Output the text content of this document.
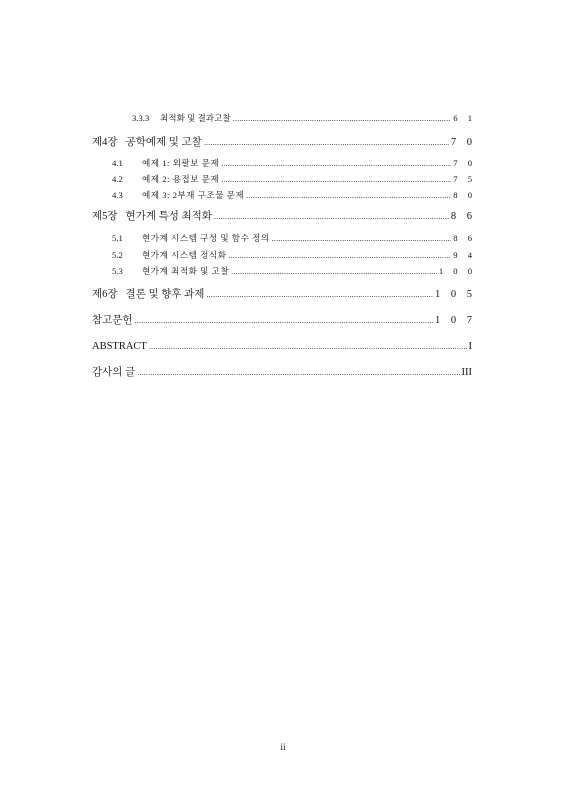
3.3.3	최적화 및 결과고찰 .....	6 1
제4장 공학예제 및 고찰 .....	7 0
4.1	예제 1: 외팔보 문제 .....	7 0
4.2	예제 2: 용접보 문제 .....	7 5
4.3	예제 3: 2부재 구조물 문제 .....	8 0
제5장 현가계 특성 최적화 .....	8 6
5.1	현가계 시스템 구성 및 함수 정의 .....	8 6
5.2	현가계 시스템 정식화 .....	9 4
5.3	현가계 최적화 및 고찰 .....	1 0 0
제6장 결론 및 향후 과제 .....	1 0 5
참고문헌 .....	1 0 7
ABSTRACT .....	I
감사의 글 .....	III
ii
